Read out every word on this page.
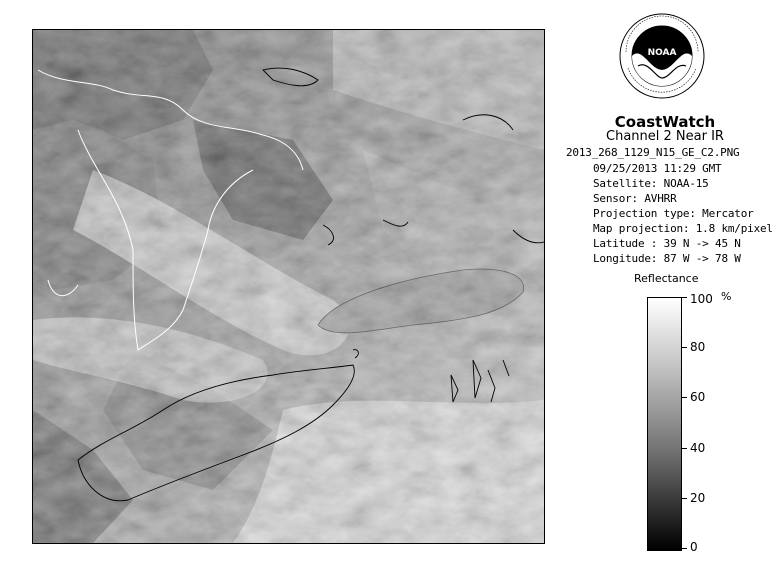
NOAA
CoastWatch
Channel 2 Near IR
2013_268_1129_N15_GE_C2.PNG
09/25/2013 11:29 GMT
Satellite: NOAA-15
Sensor: AVHRR
Projection type: Mercator
Map projection: 1.8 km/pixel
Latitude : 39 N -> 45 N
Longitude: 87 W -> 78 W
Reflectance
%
100
80
60
40
20
0
